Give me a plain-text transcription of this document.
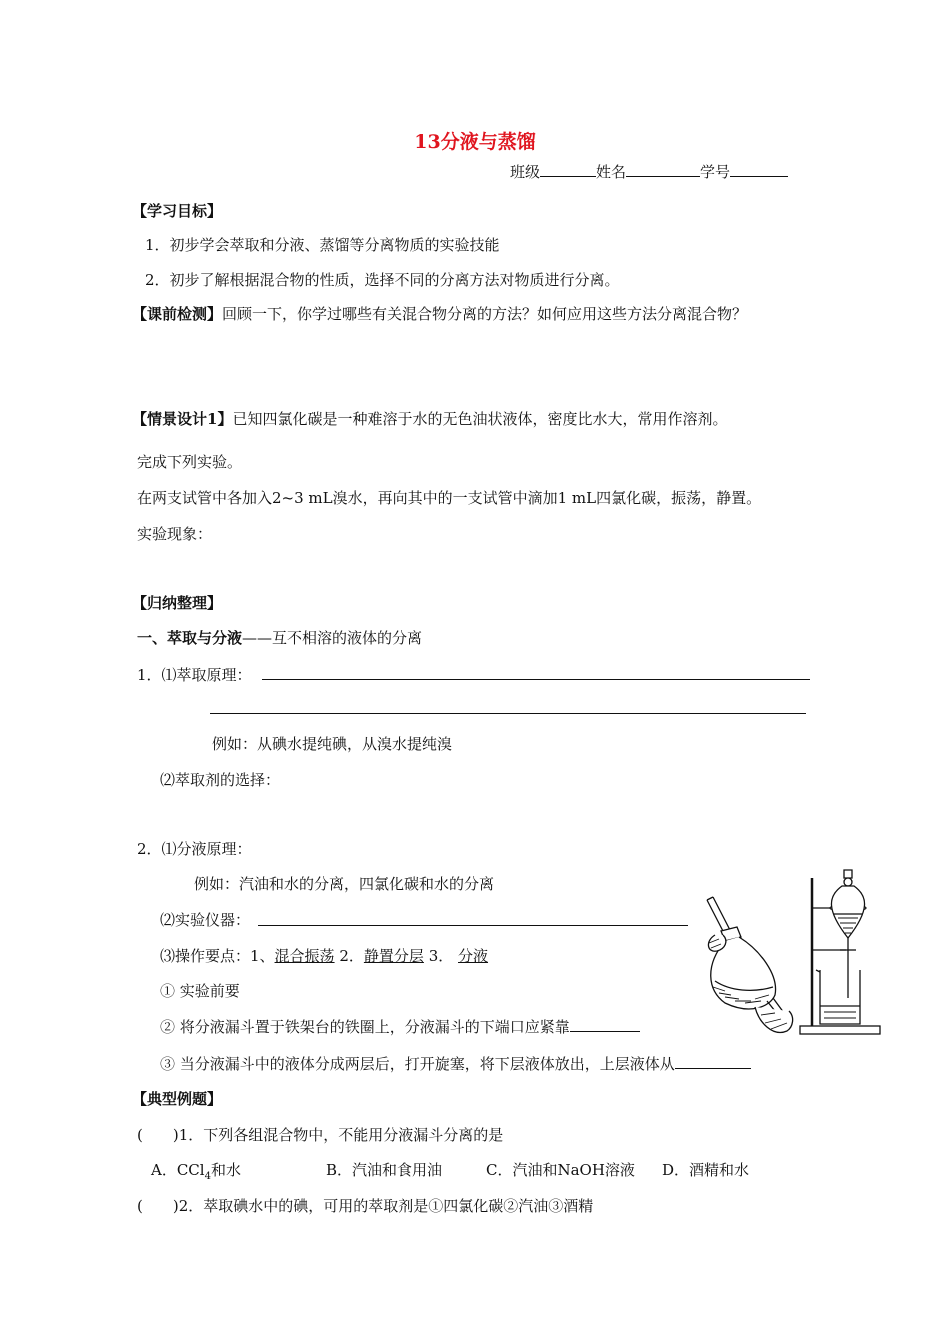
13分液与蒸馏
班级	姓名	学号
【学习目标】
1．初步学会萃取和分液、蒸馏等分离物质的实验技能
2．初步了解根据混合物的性质，选择不同的分离方法对物质进行分离。
【课前检测】回顾一下，你学过哪些有关混合物分离的方法？如何应用这些方法分离混合物？
【情景设计1】已知四氯化碳是一种难溶于水的无色油状液体，密度比水大，常用作溶剂。
完成下列实验。
在两支试管中各加入2~3 mL溴水，再向其中的一支试管中滴加1 mL四氯化碳，振荡，静置。
实验现象：
【归纳整理】
一、萃取与分液——互不相溶的液体的分离
1．⑴萃取原理：
例如：从碘水提纯碘，从溴水提纯溴
⑵萃取剂的选择：
2．⑴分液原理：
例如：汽油和水的分离，四氯化碳和水的分离
⑵实验仪器：
⑶操作要点：1、混合振荡 2．静置分层 3． 分液
① 实验前要
② 将分液漏斗置于铁架台的铁圈上，分液漏斗的下端口应紧靠
③ 当分液漏斗中的液体分成两层后，打开旋塞，将下层液体放出，上层液体从
【典型例题】
(　　)1．下列各组混合物中，不能用分液漏斗分离的是
A．CCl$_4$和水	B．汽油和食用油	C．汽油和NaOH溶液 D．酒精和水
(　　)2．萃取碘水中的碘，可用的萃取剂是①四氯化碳②汽油③酒精
